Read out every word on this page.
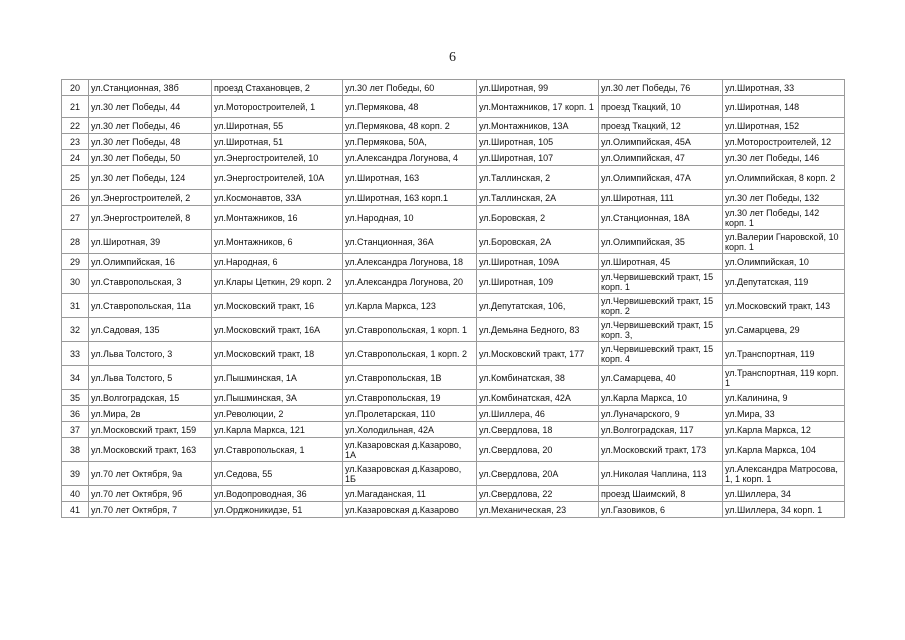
6
20	ул.Станционная, 38б	проезд Стахановцев, 2	ул.30 лет Победы, 60	ул.Широтная, 99	ул.30 лет Победы, 76	ул.Широтная, 33
21	ул.30 лет Победы, 44	ул.Моторостроителей, 1	ул.Пермякова, 48	ул.Монтажников, 17 корп. 1	проезд Ткацкий, 10	ул.Широтная, 148
22	ул.30 лет Победы, 46	ул.Широтная, 55	ул.Пермякова, 48 корп. 2	ул.Монтажников, 13А	проезд Ткацкий, 12	ул.Широтная, 152
23	ул.30 лет Победы, 48	ул.Широтная, 51	ул.Пермякова, 50А,	ул.Широтная, 105	ул.Олимпийская, 45А	ул.Моторостроителей, 12
24	ул.30 лет Победы, 50	ул.Энергостроителей, 10	ул.Александра Логунова, 4	ул.Широтная, 107	ул.Олимпийская, 47	ул.30 лет Победы, 146
25	ул.30 лет Победы, 124	ул.Энергостроителей, 10А	ул.Широтная, 163	ул.Таллинская, 2	ул.Олимпийская, 47А	ул.Олимпийская, 8 корп. 2
26	ул.Энергостроителей, 2	ул.Космонавтов, 33А	ул.Широтная, 163 корп.1	ул.Таллинская, 2А	ул.Широтная, 111	ул.30 лет Победы, 132
27	ул.Энергостроителей, 8	ул.Монтажников, 16	ул.Народная, 10	ул.Боровская, 2	ул.Станционная, 18А	ул.30 лет Победы, 142 корп. 1
28	ул.Широтная, 39	ул.Монтажников, 6	ул.Станционная, 36А	ул.Боровская, 2А	ул.Олимпийская, 35	ул.Валерии Гнаровской, 10 корп. 1
29	ул.Олимпийская, 16	ул.Народная, 6	ул.Александра Логунова, 18	ул.Широтная, 109А	ул.Широтная, 45	ул.Олимпийская, 10
30	ул.Ставропольская, 3	ул.Клары Цеткин, 29 корп. 2	ул.Александра Логунова, 20	ул.Широтная, 109	ул.Червишевский тракт, 15 корп. 1	ул.Депутатская, 119
31	ул.Ставропольская, 11а	ул.Московский тракт, 16	ул.Карла Маркса, 123	ул.Депутатская, 106,	ул.Червишевский тракт, 15 корп. 2	ул.Московский тракт, 143
32	ул.Садовая, 135	ул.Московский тракт, 16А	ул.Ставропольская, 1 корп. 1	ул.Демьяна Бедного, 83	ул.Червишевский тракт, 15 корп. 3,	ул.Самарцева, 29
33	ул.Льва Толстого, 3	ул.Московский тракт, 18	ул.Ставропольская, 1 корп. 2	ул.Московский тракт, 177	ул.Червишевский тракт, 15 корп. 4	ул.Транспортная, 119
34	ул.Льва Толстого, 5	ул.Пышминская, 1А	ул.Ставропольская, 1В	ул.Комбинатская, 38	ул.Самарцева, 40	ул.Транспортная, 119 корп. 1
35	ул.Волгоградская, 15	ул.Пышминская, 3А	ул.Ставропольская, 19	ул.Комбинатская, 42А	ул.Карла Маркса, 10	ул.Калинина, 9
36	ул.Мира, 2в	ул.Революции, 2	ул.Пролетарская, 110	ул.Шиллера, 46	ул.Луначарского, 9	ул.Мира, 33
37	ул.Московский тракт, 159	ул.Карла Маркса, 121	ул.Холодильная, 42А	ул.Свердлова, 18	ул.Волгоградская, 117	ул.Карла Маркса, 12
38	ул.Московский тракт, 163	ул.Ставропольская, 1	ул.Казаровская д.Казарово, 1А	ул.Свердлова, 20	ул.Московский тракт, 173	ул.Карла Маркса, 104
39	ул.70 лет Октября, 9а	ул.Седова, 55	ул.Казаровская д.Казарово, 1Б	ул.Свердлова, 20А	ул.Николая Чаплина, 113	ул.Александра Матросова, 1, 1 корп. 1
40	ул.70 лет Октября, 9б	ул.Водопроводная, 36	ул.Магаданская, 11	ул.Свердлова, 22	проезд Шаимский, 8	ул.Шиллера, 34
41	ул.70 лет Октября, 7	ул.Орджоникидзе, 51	ул.Казаровская д.Казарово	ул.Механическая, 23	ул.Газовиков, 6	ул.Шиллера, 34 корп. 1
